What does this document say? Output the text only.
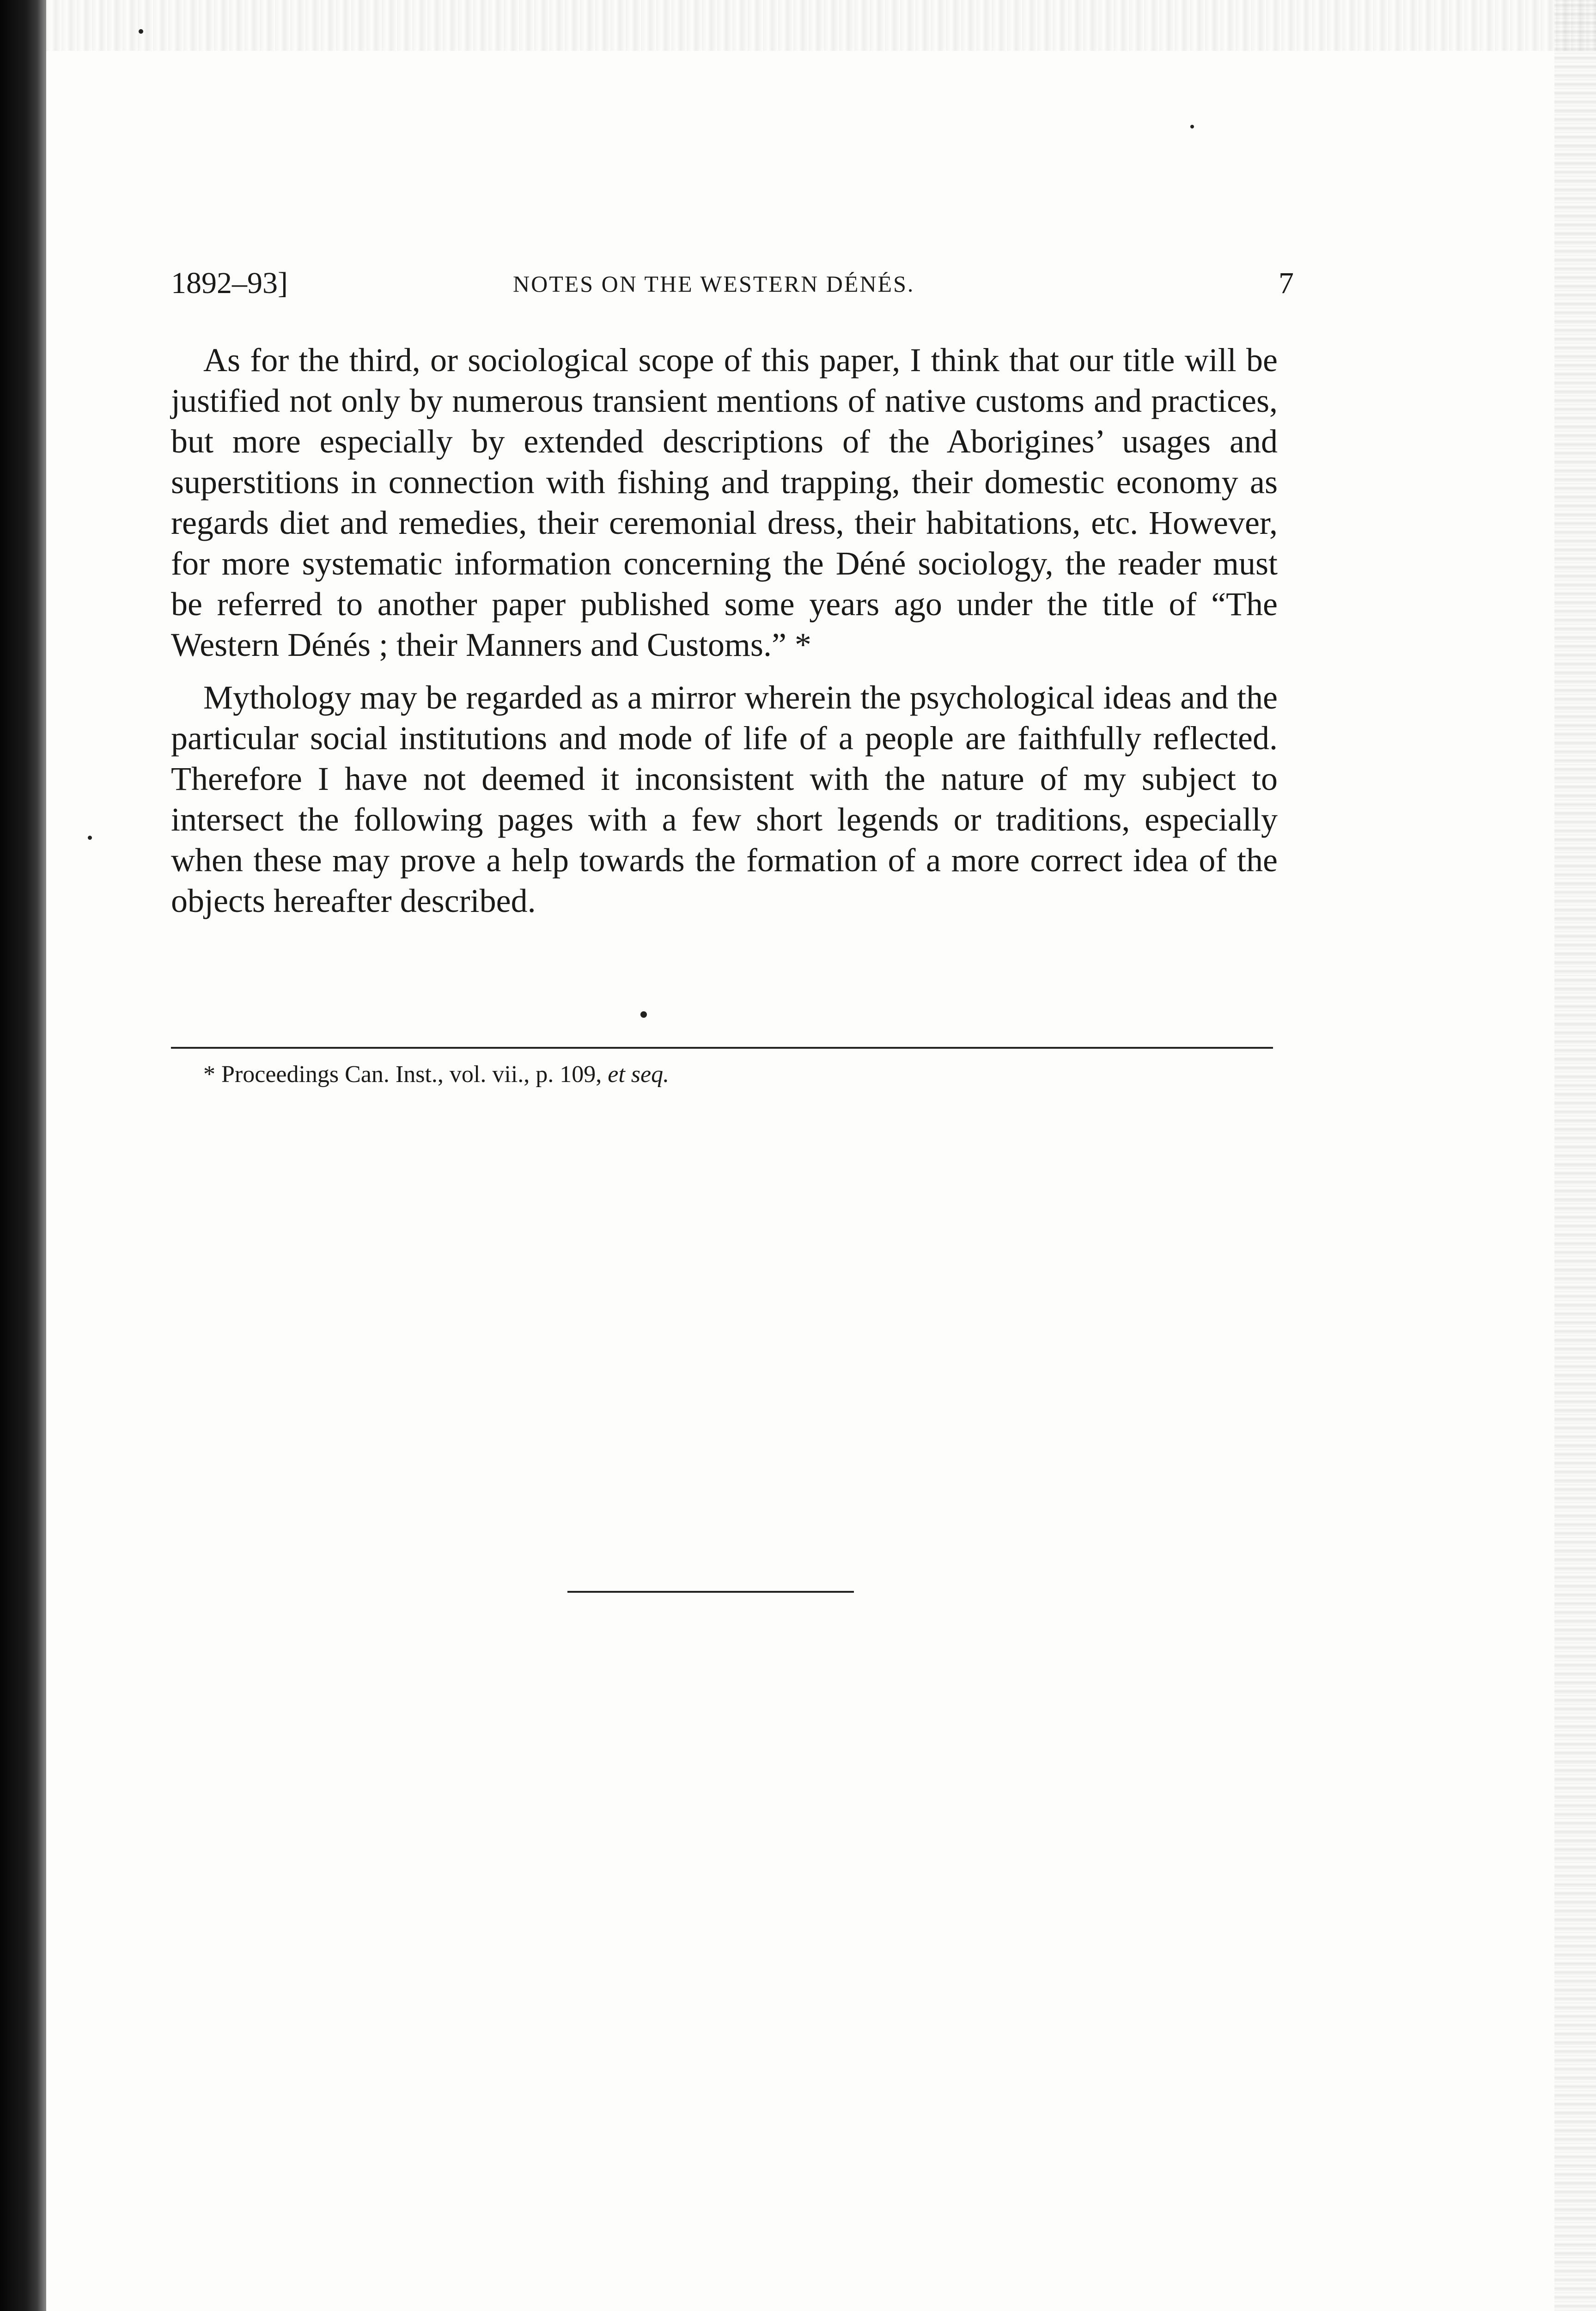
1892–93]	NOTES ON THE WESTERN DÉNÉS.	7

As for the third, or sociological scope of this paper, I think that our title will be justified not only by numerous transient mentions of native customs and practices, but more especially by extended descriptions of the Aborigines’ usages and superstitions in connection with fishing and trapping, their domestic economy as regards diet and remedies, their ceremonial dress, their habitations, etc. However, for more systematic information concerning the Déné sociology, the reader must be referred to another paper published some years ago under the title of “The Western Dénés ; their Manners and Customs.” *

Mythology may be regarded as a mirror wherein the psychological ideas and the particular social institutions and mode of life of a people are faithfully reflected. Therefore I have not deemed it inconsistent with the nature of my subject to intersect the following pages with a few short legends or traditions, especially when these may prove a help towards the formation of a more correct idea of the objects hereafter described.

* Proceedings Can. Inst., vol. vii., p. 109, et seq.
